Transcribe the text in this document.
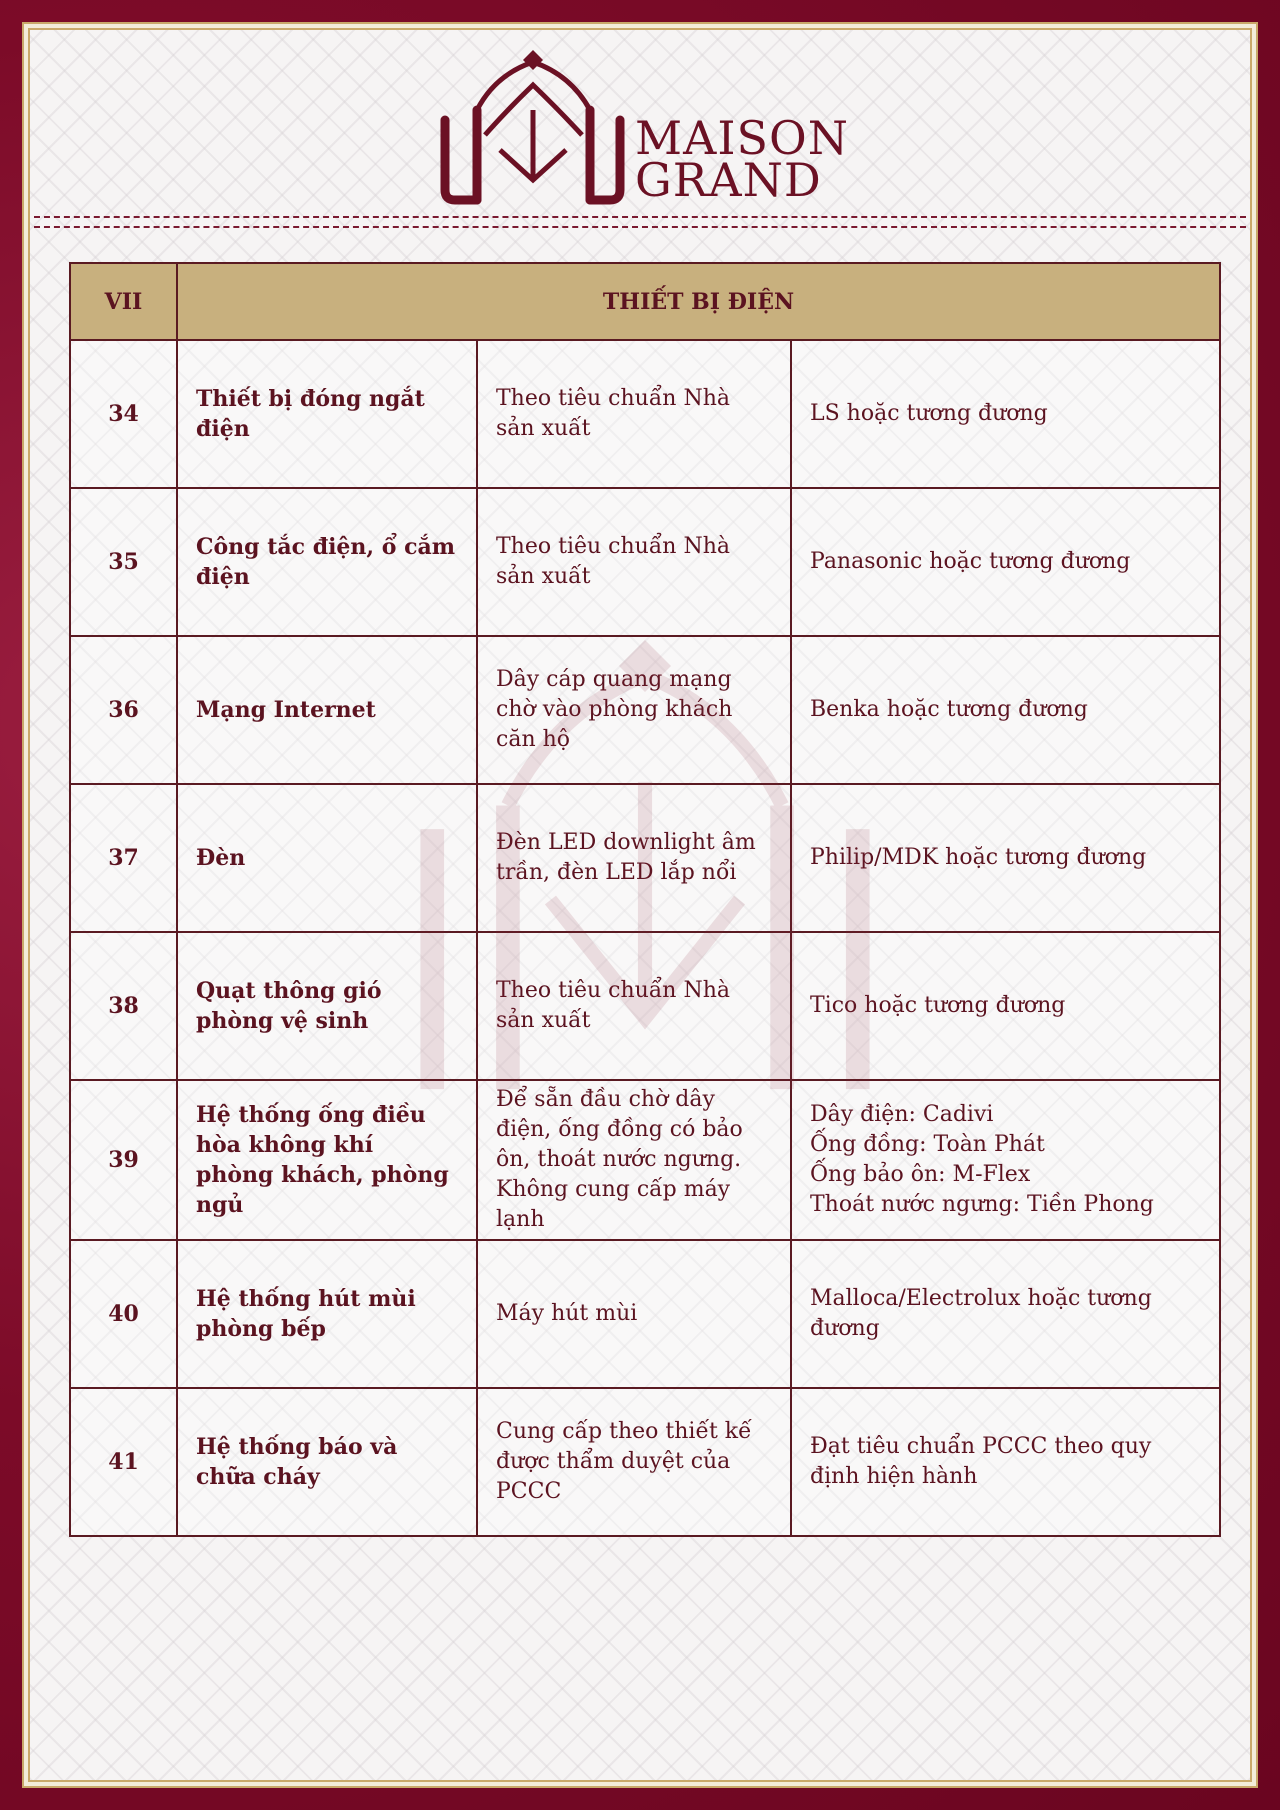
MAISON
GRAND
VII	THIẾT BỊ ĐIỆN		
34	Thiết bị đóng ngắt điện	Theo tiêu chuẩn Nhà sản xuất	LS hoặc tương đương
35	Công tắc điện, ổ cắm điện	Theo tiêu chuẩn Nhà sản xuất	Panasonic hoặc tương đương
36	Mạng Internet	Dây cáp quang mạng chờ vào phòng khách căn hộ	Benka hoặc tương đương
37	Đèn	Đèn LED downlight âm trần, đèn LED lắp nổi	Philip/MDK hoặc tương đương
38	Quạt thông gió phòng vệ sinh	Theo tiêu chuẩn Nhà sản xuất	Tico hoặc tương đương
39	Hệ thống ống điều hòa không khí phòng khách, phòng ngủ	Để sẵn đầu chờ dây điện, ống đồng có bảo ôn, thoát nước ngưng. Không cung cấp máy lạnh	Dây điện: Cadivi
Ống đồng: Toàn Phát
Ống bảo ôn: M-Flex
Thoát nước ngưng: Tiền Phong

40	Hệ thống hút mùi phòng bếp	Máy hút mùi	Malloca/Electrolux hoặc tương đương
41	Hệ thống báo và chữa cháy	Cung cấp theo thiết kế được thẩm duyệt của PCCC	Đạt tiêu chuẩn PCCC theo quy định hiện hành
